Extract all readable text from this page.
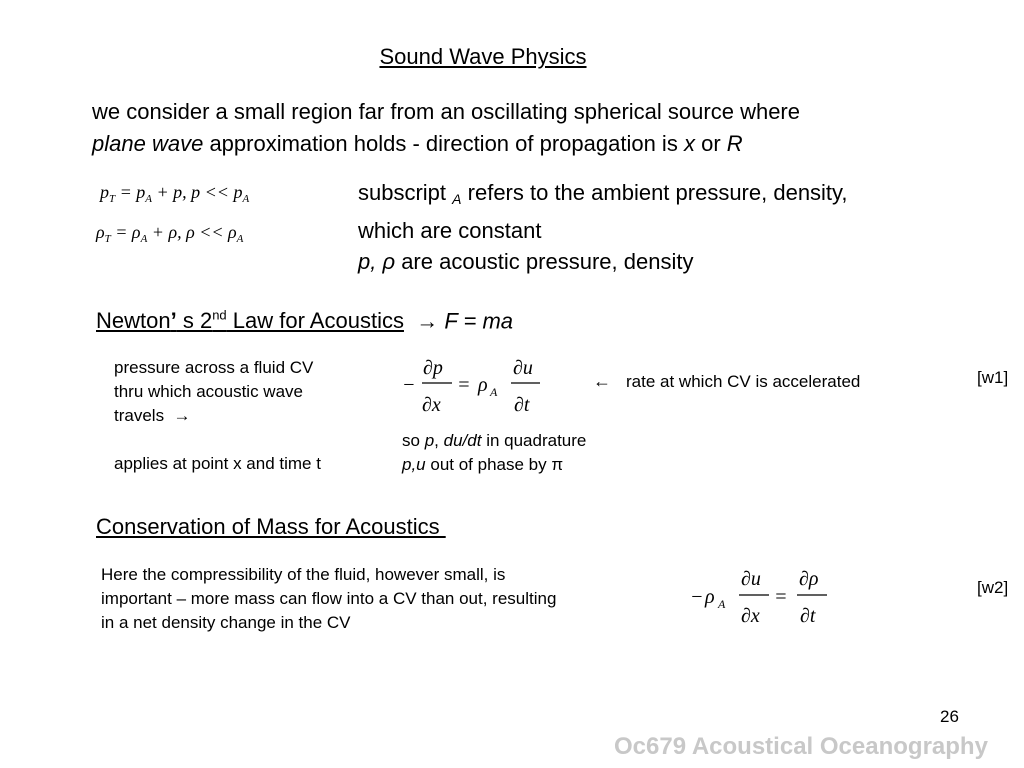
Sound Wave Physics
we consider a small region far from an oscillating spherical source where
plane wave approximation holds - direction of propagation is x or R
$p_T = p_A + p$, $p << p_A$
$\rho_T = \rho_A + \rho$, $\rho << \rho_A$
subscript A refers to the ambient pressure, density,
which are constant
p, ρ are acoustic pressure, density
Newton’ s 2nd Law for Acoustics → F = ma
pressure across a fluid CV
thru which acoustic wave
travels →
applies at point x and time t
−
∂p
∂x
= ρ A
∂u
∂t
← rate at which CV is accelerated	[w1]
so p, du/dt in quadrature
p,u out of phase by π
Conservation of Mass for Acoustics
Here the compressibility of the fluid, however small, is
important – more mass can flow into a CV than out, resulting
in a net density change in the CV
− ρ A
∂u
∂x
=
∂ρ
∂t
[w2]
26
Oc679 Acoustical Oceanography
